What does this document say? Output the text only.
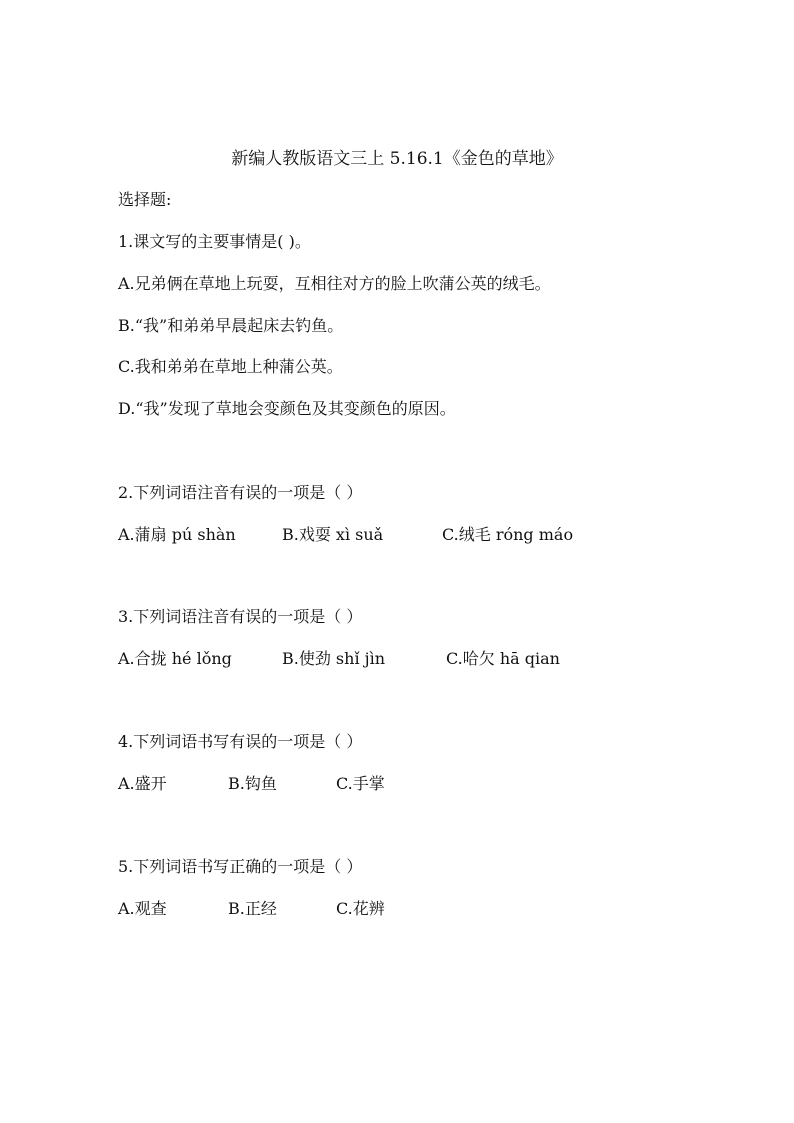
新编人教版语文三上 5.16.1《金色的草地》
选择题:
1.课文写的主要事情是( )。
A.兄弟俩在草地上玩耍，互相往对方的脸上吹蒲公英的绒毛。
B.“我”和弟弟早晨起床去钓鱼。
C.我和弟弟在草地上种蒲公英。
D.“我”发现了草地会变颜色及其变颜色的原因。
2.下列词语注音有误的一项是（ ）
A.蒲扇 pú shàn	B.戏耍 xì suǎ	C.绒毛 róng máo
3.下列词语注音有误的一项是（ ）
A.合拢 hé lǒng	B.使劲 shǐ jìn	C.哈欠 hā qian
4.下列词语书写有误的一项是（ ）
A.盛开	B.钩鱼	C.手掌
5.下列词语书写正确的一项是（ ）
A.观查	B.正经	C.花辨
